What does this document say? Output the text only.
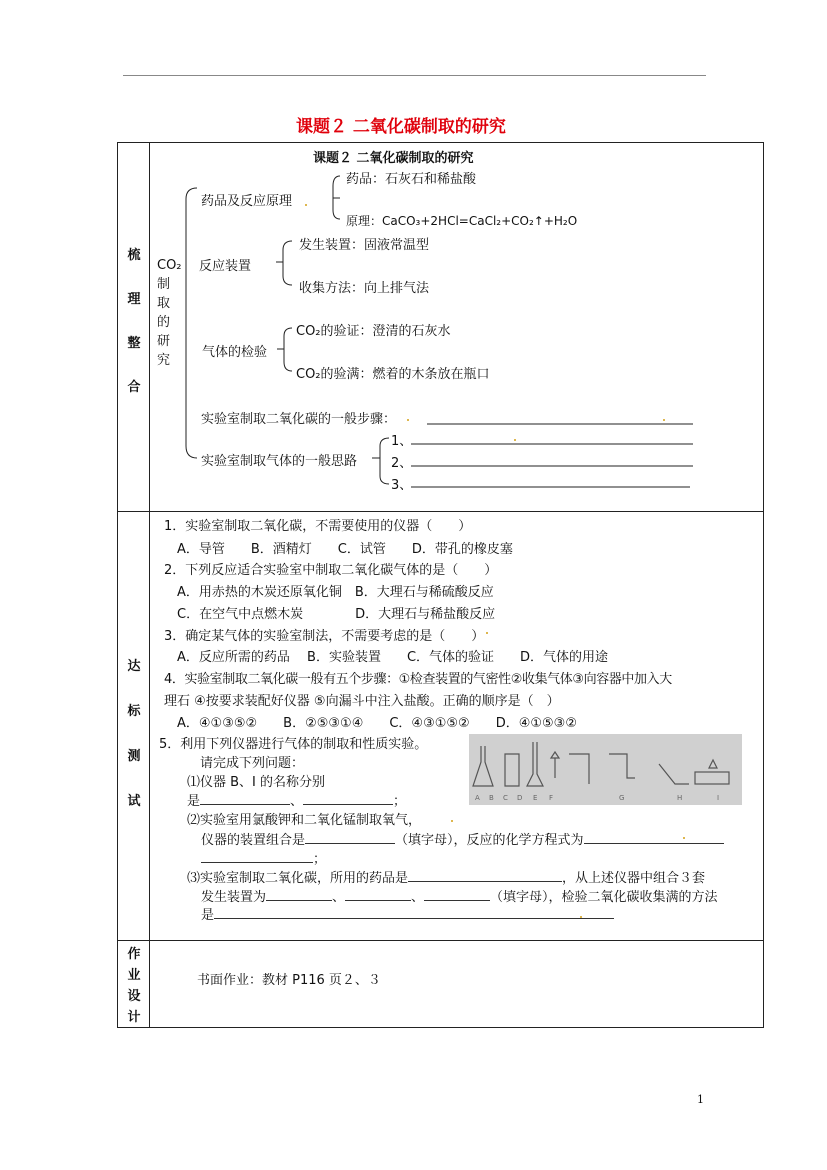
课题２ 二氧化碳制取的研究
梳
理
整
合
课题２ 二氧化碳制取的研究
CO₂
制
取
的
研
究
药品及反应原理
药品：石灰石和稀盐酸
原理：CaCO₃+2HCl=CaCl₂+CO₂↑+H₂O
反应装置
发生装置：固液常温型
收集方法：向上排气法
气体的检验
CO₂的验证：澄清的石灰水
CO₂的验满：燃着的木条放在瓶口
实验室制取二氧化碳的一般步骤：
实验室制取气体的一般思路
1、
2、
3、
达
标
测
试
1．实验室制取二氧化碳，不需要使用的仪器（　　）
A．导管　　B．酒精灯　　C．试管　　D．带孔的橡皮塞
2．下列反应适合实验室中制取二氧化碳气体的是（　　）
A．用赤热的木炭还原氧化铜　B．大理石与稀硫酸反应
C．在空气中点燃木炭　　　　D．大理石与稀盐酸反应
3．确定某气体的实验室制法，不需要考虑的是（　　）
A．反应所需的药品　 B．实验装置　　C．气体的验证　　D．气体的用途
4．实验室制取二氧化碳一般有五个步骤：①检查装置的气密性②收集气体③向容器中加入大
理石 ④按要求装配好仪器 ⑤向漏斗中注入盐酸。正确的顺序是（　）
A．④①③⑤②　　B．②⑤③①④　　C．④③①⑤②　　D．④①⑤③②
5．利用下列仪器进行气体的制取和性质实验。
请完成下列问题：
A B C D E F	G	H	I
⑴仪器 B、I 的名称分别
是	、	；
⑵实验室用氯酸钾和二氧化锰制取氧气，
仪器的装置组合是	（填字母），反应的化学方程式为
；
⑶实验室制取二氧化碳，所用的药品是	，从上述仪器中组合３套
发生装置为	、	、	（填字母），检验二氧化碳收集满的方法
是
作
业
设
计
书面作业：教材 P116 页２、３
1
